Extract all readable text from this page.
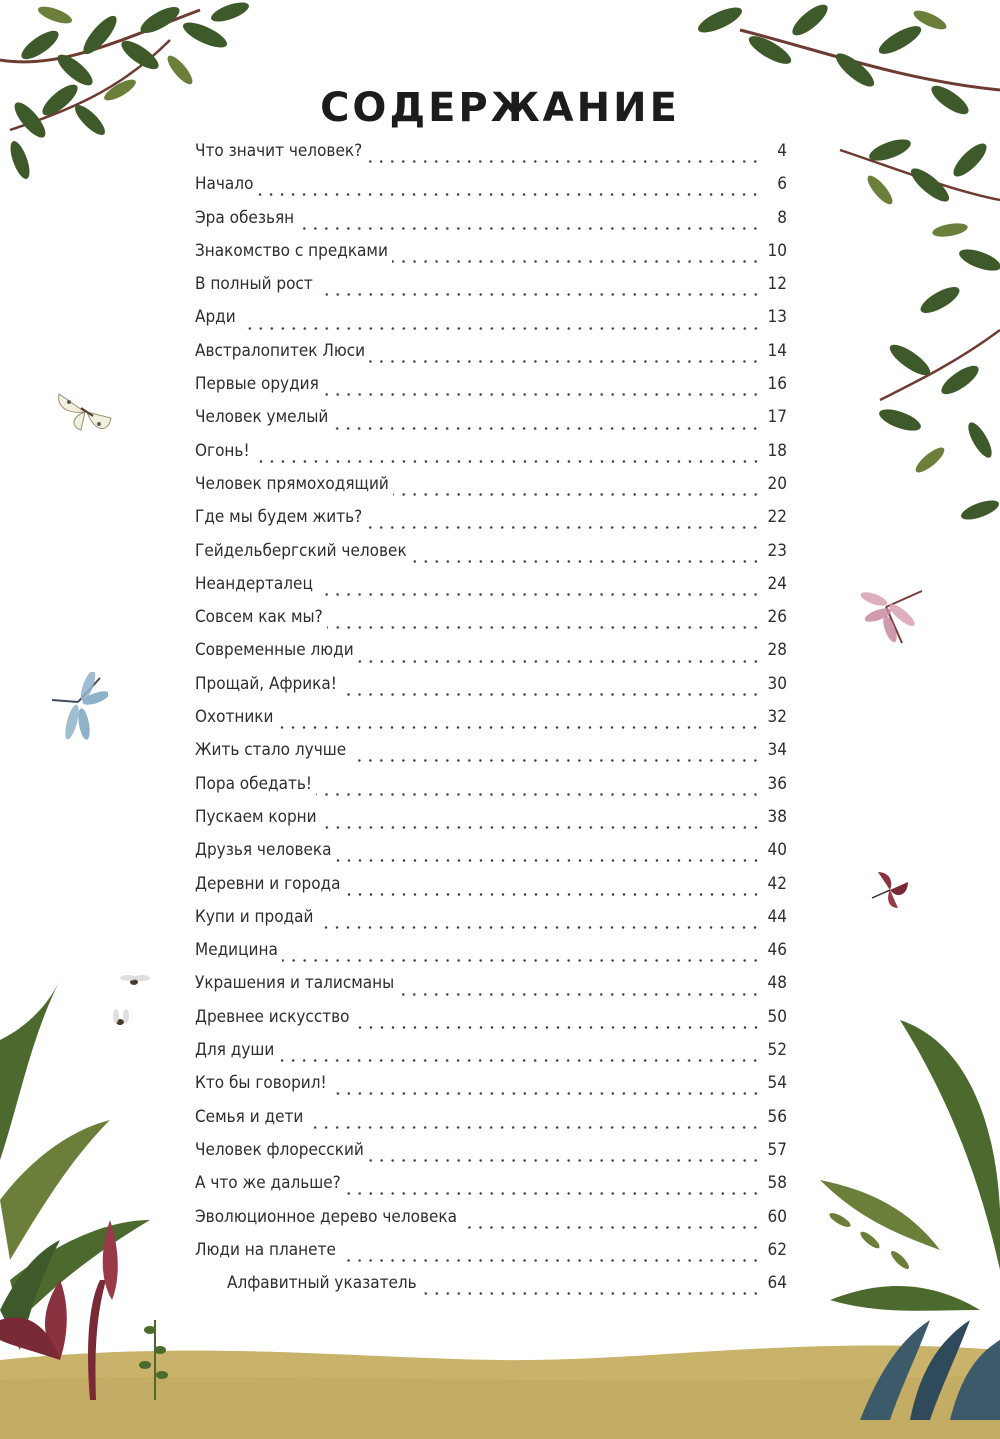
СОДЕРЖАНИЕ
Что значит человек?	4
Начало	6
Эра обезьян	8
Знакомство с предками	10
В полный рост	12
Арди	13
Австралопитек Люси	14
Первые орудия	16
Человек умелый	17
Огонь!	18
Человек прямоходящий	20
Где мы будем жить?	22
Гейдельбергский человек	23
Неандерталец	24
Совсем как мы?	26
Современные люди	28
Прощай, Африка!	30
Охотники	32
Жить стало лучше	34
Пора обедать!	36
Пускаем корни	38
Друзья человека	40
Деревни и города	42
Купи и продай	44
Медицина	46
Украшения и талисманы	48
Древнее искусство	50
Для души	52
Кто бы говорил!	54
Семья и дети	56
Человек флоресский	57
А что же дальше?	58
Эволюционное дерево человека	60
Люди на планете	62
Алфавитный указатель	64
